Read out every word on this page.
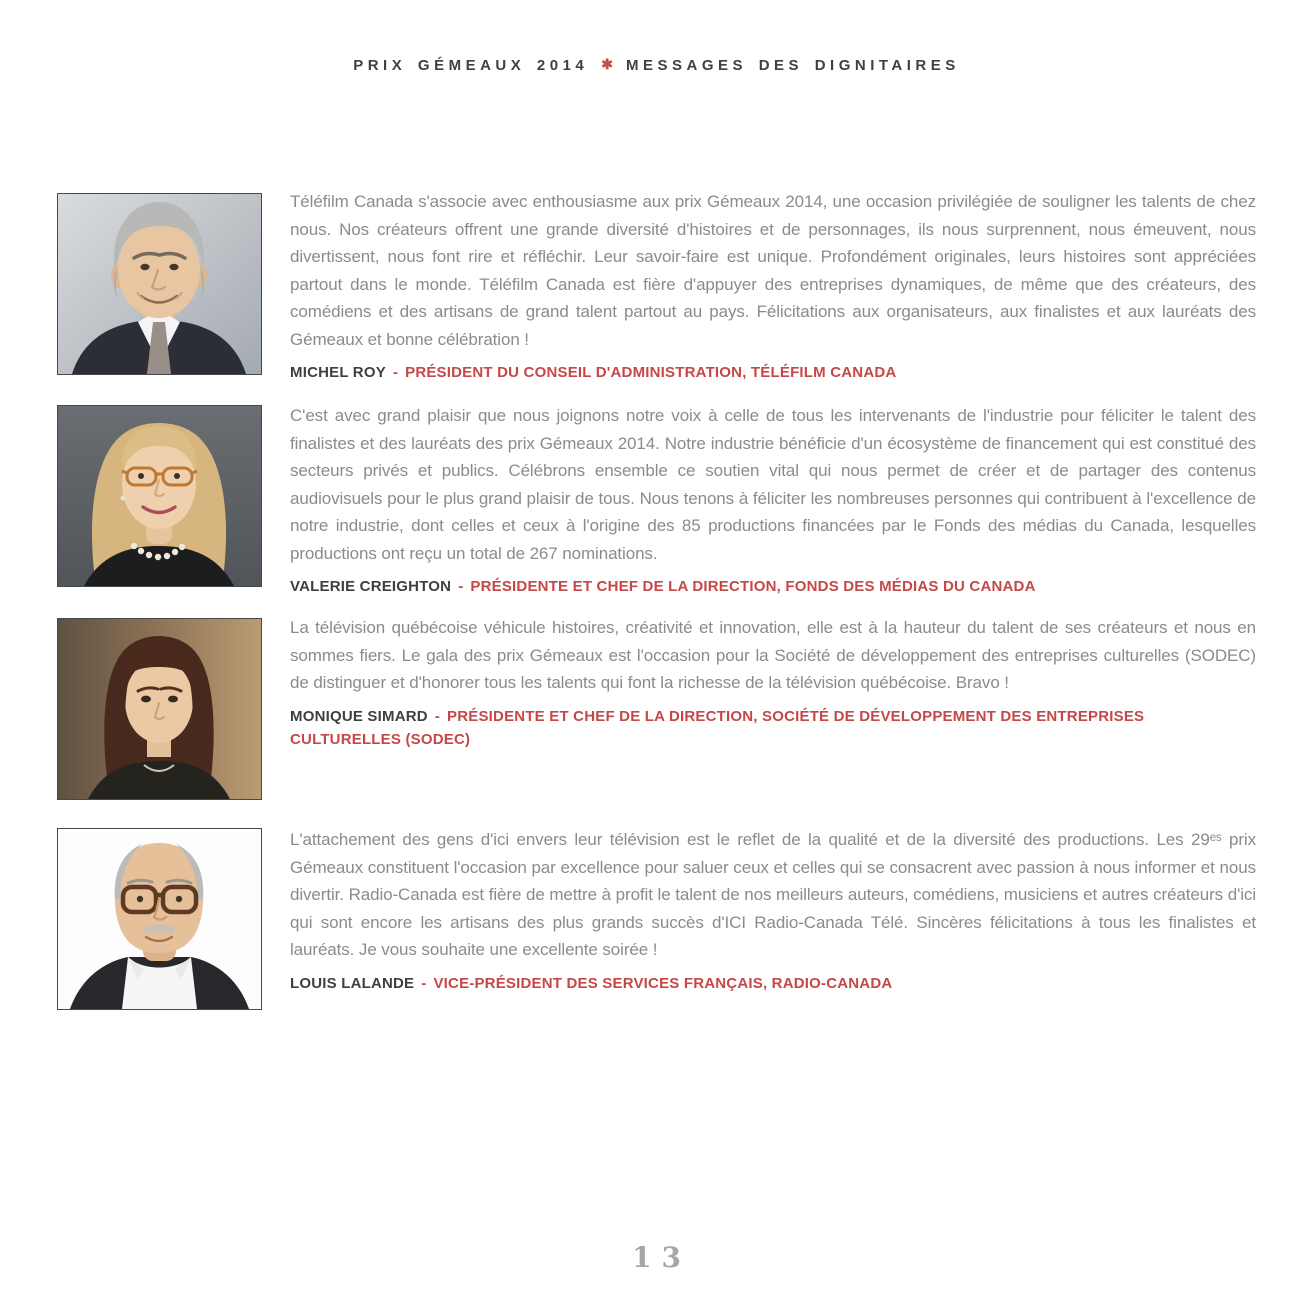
PRIX GÉMEAUX 2014 ✱ MESSAGES DES DIGNITAIRES

Téléfilm Canada s'associe avec enthousiasme aux prix Gémeaux 2014, une occasion privilégiée de souligner les talents de chez nous. Nos créateurs offrent une grande diversité d'histoires et de personnages, ils nous surprennent, nous émeuvent, nous divertissent, nous font rire et réfléchir. Leur savoir-faire est unique. Profondément originales, leurs histoires sont appréciées partout dans le monde. Téléfilm Canada est fière d'appuyer des entreprises dynamiques, de même que des créateurs, des comédiens et des artisans de grand talent partout au pays. Félicitations aux organisateurs, aux finalistes et aux lauréats des Gémeaux et bonne célébration !

MICHEL ROY - PRÉSIDENT DU CONSEIL D'ADMINISTRATION, TÉLÉFILM CANADA

C'est avec grand plaisir que nous joignons notre voix à celle de tous les intervenants de l'industrie pour féliciter le talent des finalistes et des lauréats des prix Gémeaux 2014. Notre industrie bénéficie d'un écosystème de financement qui est constitué des secteurs privés et publics. Célébrons ensemble ce soutien vital qui nous permet de créer et de partager des contenus audiovisuels pour le plus grand plaisir de tous. Nous tenons à féliciter les nombreuses personnes qui contribuent à l'excellence de notre industrie, dont celles et ceux à l'origine des 85 productions financées par le Fonds des médias du Canada, lesquelles productions ont reçu un total de 267 nominations.

VALERIE CREIGHTON - PRÉSIDENTE ET CHEF DE LA DIRECTION, FONDS DES MÉDIAS DU CANADA

La télévision québécoise véhicule histoires, créativité et innovation, elle est à la hauteur du talent de ses créateurs et nous en sommes fiers. Le gala des prix Gémeaux est l'occasion pour la Société de développement des entreprises culturelles (SODEC) de distinguer et d'honorer tous les talents qui font la richesse de la télévision québécoise. Bravo !

MONIQUE SIMARD - PRÉSIDENTE ET CHEF DE LA DIRECTION, SOCIÉTÉ DE DÉVELOPPEMENT DES ENTREPRISES CULTURELLES (SODEC)

L'attachement des gens d'ici envers leur télévision est le reflet de la qualité et de la diversité des productions. Les 29ᵉˢ prix Gémeaux constituent l'occasion par excellence pour saluer ceux et celles qui se consacrent avec passion à nous informer et nous divertir. Radio-Canada est fière de mettre à profit le talent de nos meilleurs auteurs, comédiens, musiciens et autres créateurs d'ici qui sont encore les artisans des plus grands succès d'ICI Radio-Canada Télé. Sincères félicitations à tous les finalistes et lauréats. Je vous souhaite une excellente soirée !

LOUIS LALANDE - VICE-PRÉSIDENT DES SERVICES FRANÇAIS, RADIO-CANADA

13
